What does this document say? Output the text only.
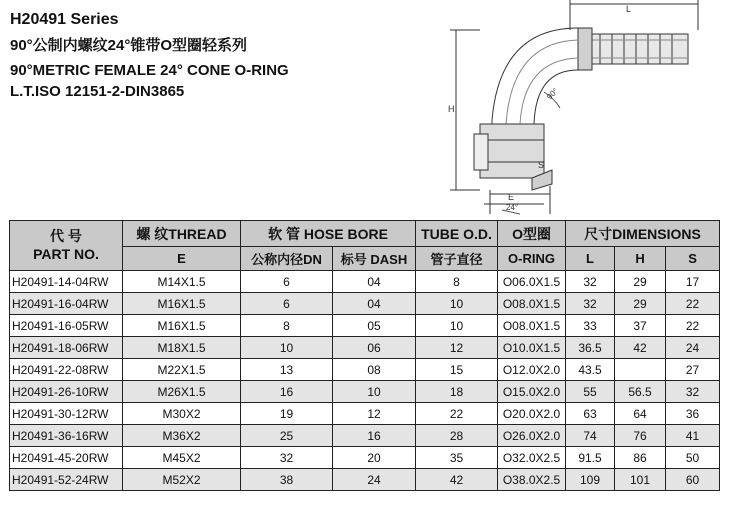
H20491 Series
90°公制内螺纹24°锥带O型圈轻系列
90°METRIC FEMALE 24° CONE O-RING
L.T.ISO 12151-2-DIN3865
L
H
E
S
90°
24°
代 号
PART NO.	螺 纹THREAD	软 管 HOSE BORE		TUBE O.D.	O型圈	尺寸DIMENSIONS		
	E	公称内径DN	标号 DASH	管子直径	O-RING	L	H	S
H20491-14-04RW	M14X1.5	6	04	8	O06.0X1.5	32	29	17
H20491-16-04RW	M16X1.5	6	04	10	O08.0X1.5	32	29	22
H20491-16-05RW	M16X1.5	8	05	10	O08.0X1.5	33	37	22
H20491-18-06RW	M18X1.5	10	06	12	O10.0X1.5	36.5	42	24
H20491-22-08RW	M22X1.5	13	08	15	O12.0X2.0	43.5		27
H20491-26-10RW	M26X1.5	16	10	18	O15.0X2.0	55	56.5	32
H20491-30-12RW	M30X2	19	12	22	O20.0X2.0	63	64	36
H20491-36-16RW	M36X2	25	16	28	O26.0X2.0	74	76	41
H20491-45-20RW	M45X2	32	20	35	O32.0X2.5	91.5	86	50
H20491-52-24RW	M52X2	38	24	42	O38.0X2.5	109	101	60
